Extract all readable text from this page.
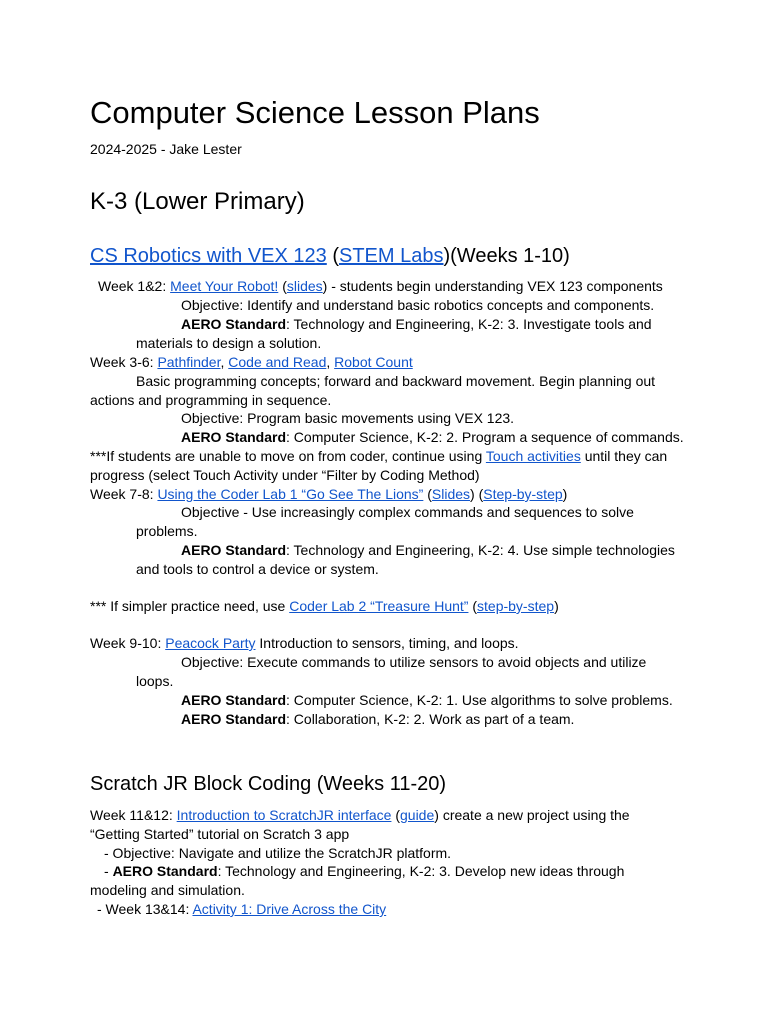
Computer Science Lesson Plans
2024-2025 - Jake Lester
K-3 (Lower Primary)
CS Robotics with VEX 123 (STEM Labs)(Weeks 1-10)
Week 1&2: Meet Your Robot! (slides) - students begin understanding VEX 123 components
Objective: Identify and understand basic robotics concepts and components.
AERO Standard: Technology and Engineering, K-2: 3. Investigate tools and
materials to design a solution.
Week 3-6: Pathfinder, Code and Read, Robot Count
Basic programming concepts; forward and backward movement. Begin planning out
actions and programming in sequence.
Objective: Program basic movements using VEX 123.
AERO Standard: Computer Science, K-2: 2. Program a sequence of commands.
***If students are unable to move on from coder, continue using Touch activities until they can
progress (select Touch Activity under “Filter by Coding Method)
Week 7-8: Using the Coder Lab 1 “Go See The Lions” (Slides) (Step-by-step)
Objective - Use increasingly complex commands and sequences to solve
problems.
AERO Standard: Technology and Engineering, K-2: 4. Use simple technologies
and tools to control a device or system.
*** If simpler practice need, use Coder Lab 2 “Treasure Hunt” (step-by-step)
Week 9-10: Peacock Party Introduction to sensors, timing, and loops.
Objective: Execute commands to utilize sensors to avoid objects and utilize
loops.
AERO Standard: Computer Science, K-2: 1. Use algorithms to solve problems.
AERO Standard: Collaboration, K-2: 2. Work as part of a team.
Scratch JR Block Coding (Weeks 11-20)
Week 11&12: Introduction to ScratchJR interface (guide) create a new project using the
“Getting Started” tutorial on Scratch 3 app
- Objective: Navigate and utilize the ScratchJR platform.
- AERO Standard: Technology and Engineering, K-2: 3. Develop new ideas through
modeling and simulation.
- Week 13&14: Activity 1: Drive Across the City
